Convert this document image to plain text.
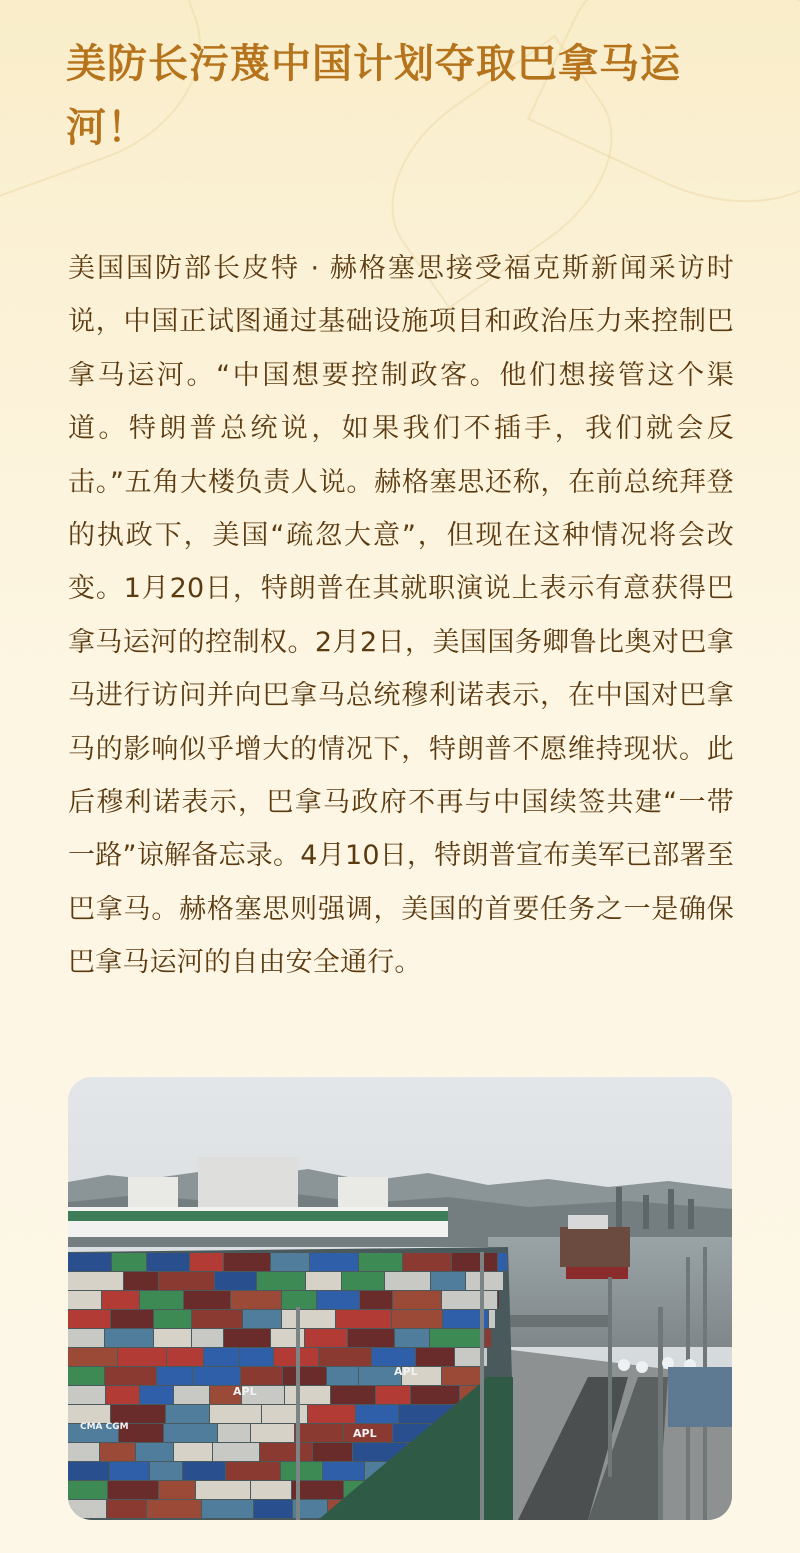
美防长污蔑中国计划夺取巴拿马运河！

美国国防部长皮特 · 赫格塞思接受福克斯新闻采访时说，中国正试图通过基础设施项目和政治压力来控制巴拿马运河。“中国想要控制政客。他们想接管这个渠道。特朗普总统说，如果我们不插手，我们就会反击。”五角大楼负责人说。赫格塞思还称，在前总统拜登的执政下，美国“疏忽大意”，但现在这种情况将会改变。1月20日，特朗普在其就职演说上表示有意获得巴拿马运河的控制权。2月2日，美国国务卿鲁比奥对巴拿马进行访问并向巴拿马总统穆利诺表示，在中国对巴拿马的影响似乎增大的情况下，特朗普不愿维持现状。此后穆利诺表示，巴拿马政府不再与中国续签共建“一带一路”谅解备忘录。4月10日，特朗普宣布美军已部署至巴拿马。赫格塞思则强调，美国的首要任务之一是确保巴拿马运河的自由安全通行。

APL
APL
APL
CMA CGM
